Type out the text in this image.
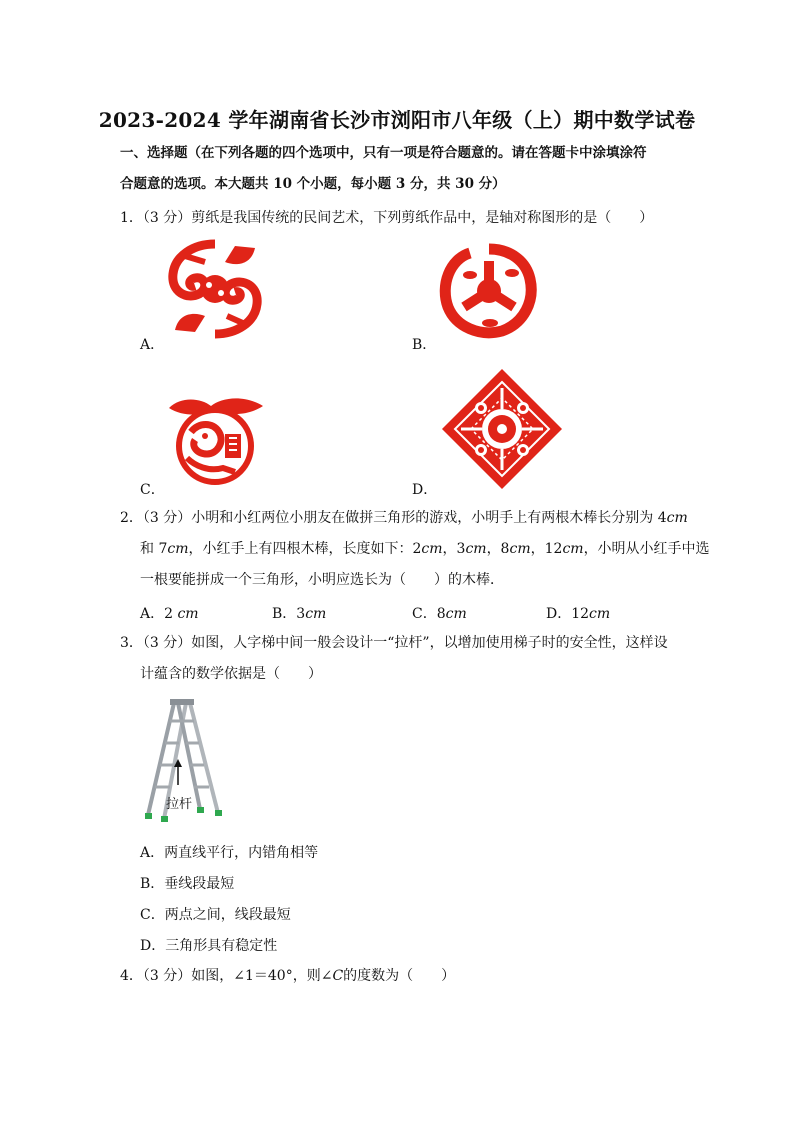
2023-2024 学年湖南省长沙市浏阳市八年级（上）期中数学试卷
一、选择题（在下列各题的四个选项中，只有一项是符合题意的。请在答题卡中涂填涂符
合题意的选项。本大题共 10 个小题，每小题 3 分，共 30 分）
1．（3 分）剪纸是我国传统的民间艺术，下列剪纸作品中，是轴对称图形的是（　　）
A．	B．
C．	D．
2．（3 分）小明和小红两位小朋友在做拼三角形的游戏，小明手上有两根木棒长分别为 4cm
和 7cm，小红手上有四根木棒，长度如下：2cm，3cm，8cm，12cm，小明从小红手中选
一根要能拼成一个三角形，小明应选长为（　　）的木棒．
A．2 cm	B．3cm	C．8cm	D．12cm
3．（3 分）如图，人字梯中间一般会设计一“拉杆”，以增加使用梯子时的安全性，这样设
计蕴含的数学依据是（　　）
拉杆
A．两直线平行，内错角相等
B．垂线段最短
C．两点之间，线段最短
D．三角形具有稳定性
4．（3 分）如图，∠1＝40°，则∠C的度数为（　　）
